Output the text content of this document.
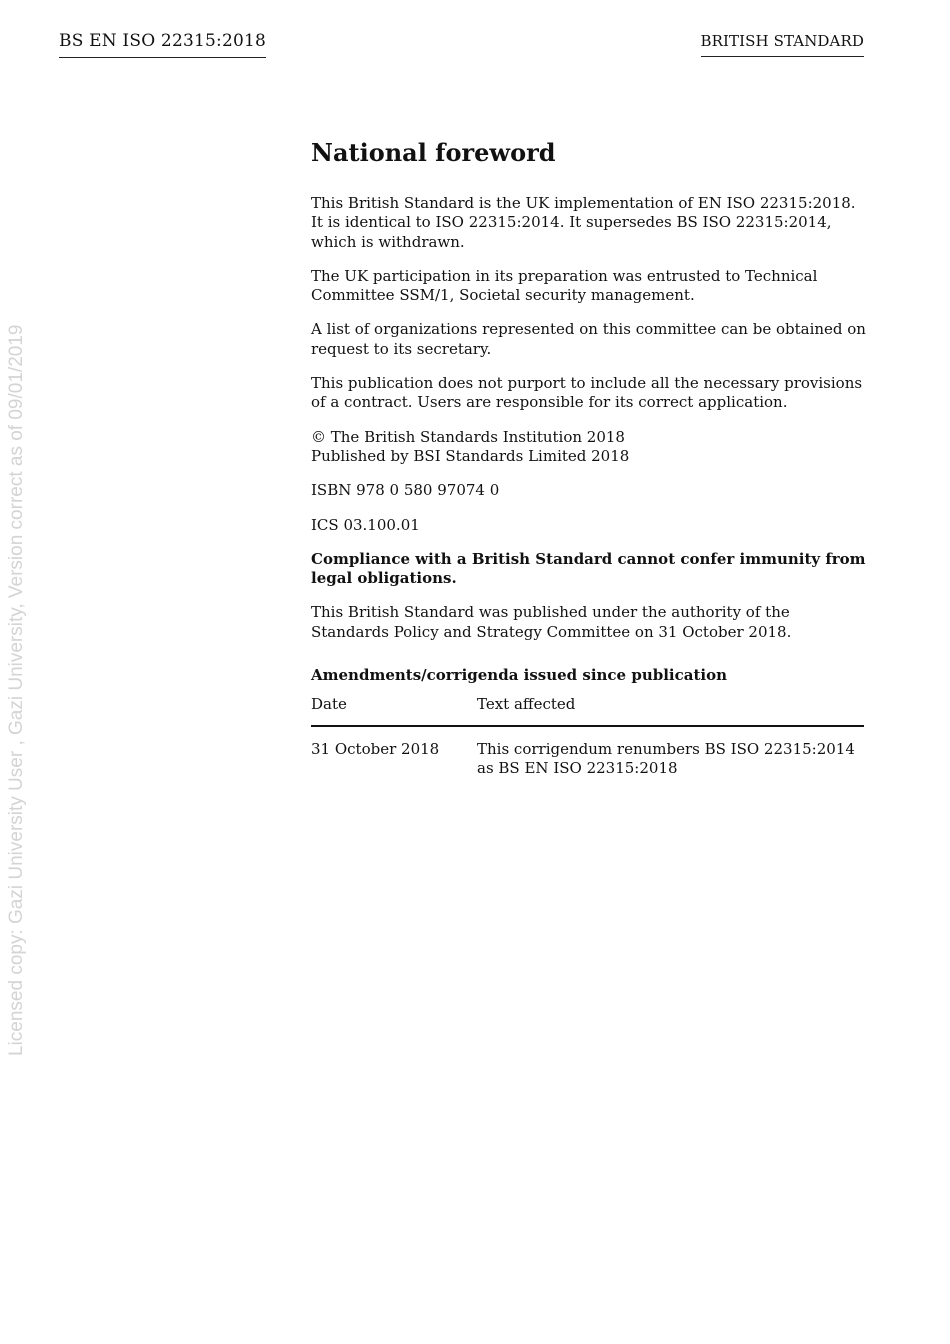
BS EN ISO 22315:2018	BRITISH STANDARD
Licensed copy: Gazi University User , Gazi University, Version correct as of 09/01/2019
National foreword

This British Standard is the UK implementation of EN ISO 22315:2018. It is identical to ISO 22315:2014. It supersedes BS ISO 22315:2014, which is withdrawn.

The UK participation in its preparation was entrusted to Technical Committee SSM/1, Societal security management.

A list of organizations represented on this committee can be obtained on request to its secretary.

This publication does not purport to include all the necessary provisions of a contract. Users are responsible for its correct application.

© The British Standards Institution 2018
Published by BSI Standards Limited 2018

ISBN 978 0 580 97074 0

ICS 03.100.01

Compliance with a British Standard cannot confer immunity from legal obligations.

This British Standard was published under the authority of the Standards Policy and Strategy Committee on 31 October 2018.

Amendments/corrigenda issued since publication
Date	Text affected
31 October 2018	This corrigendum renumbers BS ISO 22315:2014 as BS EN ISO 22315:2018
